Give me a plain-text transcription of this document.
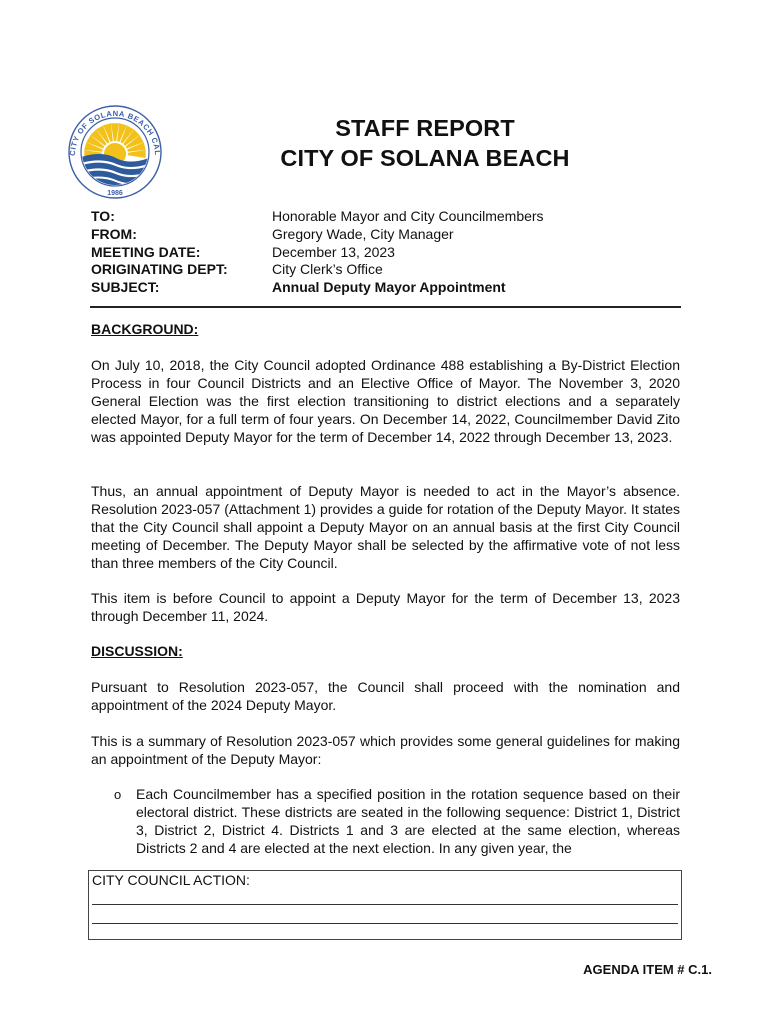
CITY OF SOLANA BEACH CAL
1986
STAFF REPORT
CITY OF SOLANA BEACH
TO:	Honorable Mayor and City Councilmembers
FROM:	Gregory Wade, City Manager
MEETING DATE:	December 13, 2023
ORIGINATING DEPT:	City Clerk’s Office
SUBJECT:	Annual Deputy Mayor Appointment
BACKGROUND:

On July 10, 2018, the City Council adopted Ordinance 488 establishing a By-District Election Process in four Council Districts and an Elective Office of Mayor. The November 3, 2020 General Election was the first election transitioning to district elections and a separately elected Mayor, for a full term of four years. On December 14, 2022, Councilmember David Zito was appointed Deputy Mayor for the term of December 14, 2022 through December 13, 2023.

Thus, an annual appointment of Deputy Mayor is needed to act in the Mayor’s absence. Resolution 2023-057 (Attachment 1) provides a guide for rotation of the Deputy Mayor. It states that the City Council shall appoint a Deputy Mayor on an annual basis at the first City Council meeting of December. The Deputy Mayor shall be selected by the affirmative vote of not less than three members of the City Council.

This item is before Council to appoint a Deputy Mayor for the term of December 13, 2023 through December 11, 2024.

DISCUSSION:

Pursuant to Resolution 2023-057, the Council shall proceed with the nomination and appointment of the 2024 Deputy Mayor.

This is a summary of Resolution 2023-057 which provides some general guidelines for making an appointment of the Deputy Mayor:

o Each Councilmember has a specified position in the rotation sequence based on their electoral district. These districts are seated in the following sequence: District 1, District 3, District 2, District 4. Districts 1 and 3 are elected at the same election, whereas Districts 2 and 4 are elected at the next election. In any given year, the

CITY COUNCIL ACTION:
AGENDA ITEM # C.1.
